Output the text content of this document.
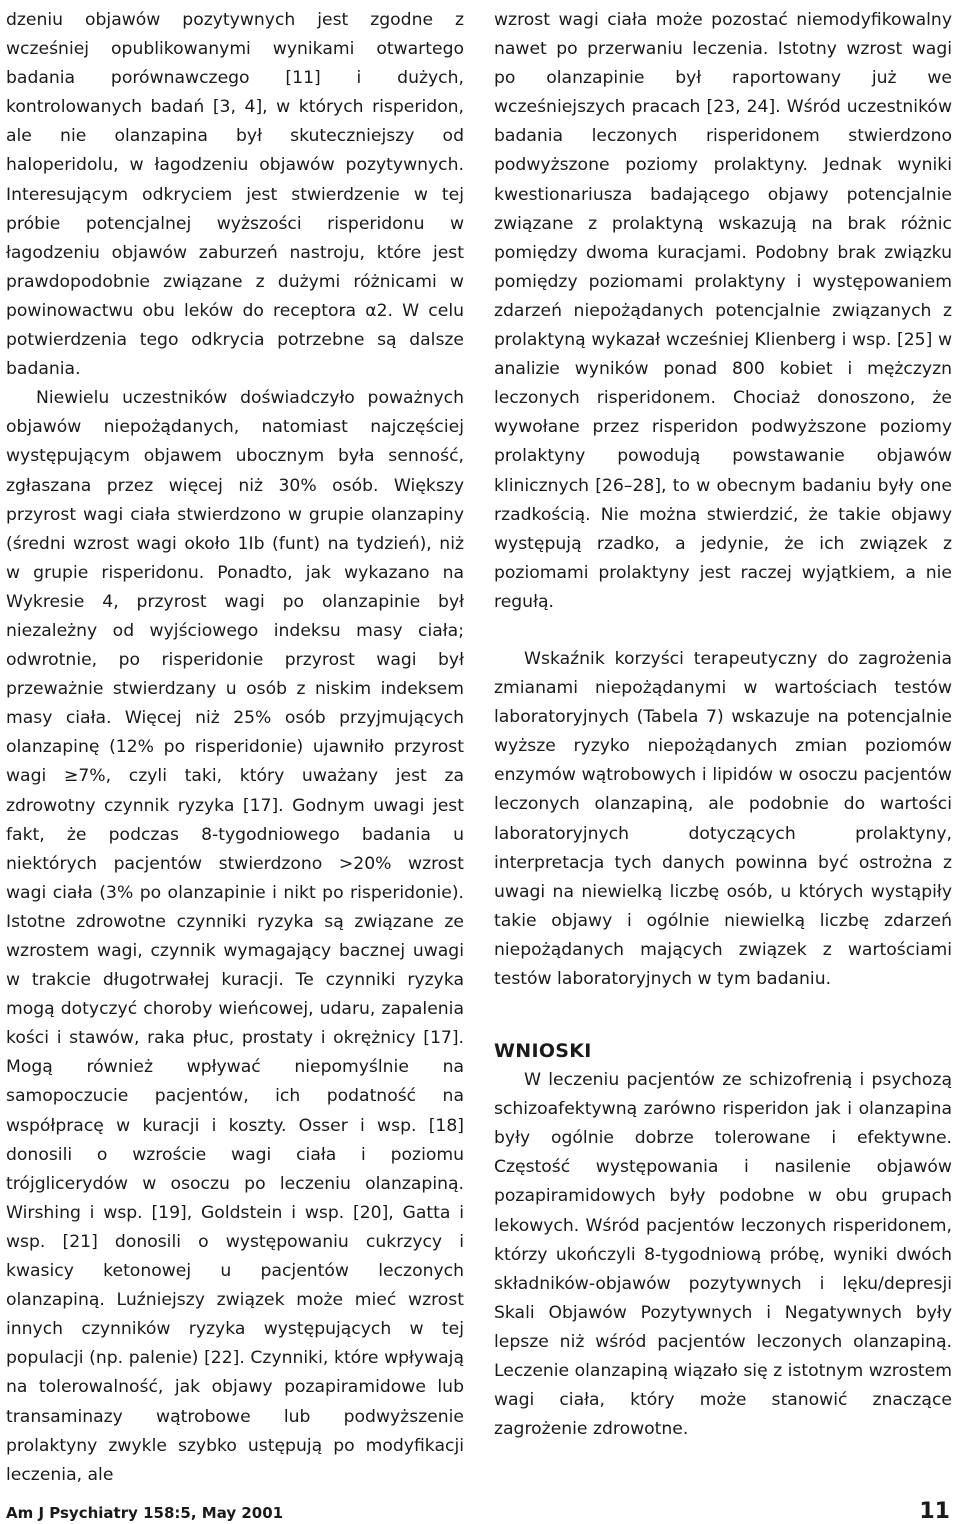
dzeniu objawów pozytywnych jest zgodne z wcześniej opublikowanymi wynikami otwartego badania porównawczego [11] i dużych, kontrolowanych badań [3, 4], w których risperidon, ale nie olanzapina był skuteczniejszy od haloperidolu, w łagodzeniu objawów pozytywnych. Interesującym odkryciem jest stwierdzenie w tej próbie potencjalnej wyższości risperidonu w łagodzeniu objawów zaburzeń nastroju, które jest prawdopodobnie związane z dużymi różnicami w powinowactwu obu leków do receptora α2. W celu potwierdzenia tego odkrycia potrzebne są dalsze badania.

Niewielu uczestników doświadczyło poważnych objawów niepożądanych, natomiast najczęściej występującym objawem ubocznym była senność, zgłaszana przez więcej niż 30% osób. Większy przyrost wagi ciała stwierdzono w grupie olanzapiny (średni wzrost wagi około 1Ib (funt) na tydzień), niż w grupie risperidonu. Ponadto, jak wykazano na Wykresie 4, przyrost wagi po olanzapinie był niezależny od wyjściowego indeksu masy ciała; odwrotnie, po risperidonie przyrost wagi był przeważnie stwierdzany u osób z niskim indeksem masy ciała. Więcej niż 25% osób przyjmujących olanzapinę (12% po risperidonie) ujawniło przyrost wagi ≥7%, czyli taki, który uważany jest za zdrowotny czynnik ryzyka [17]. Godnym uwagi jest fakt, że podczas 8-tygodniowego badania u niektórych pacjentów stwierdzono >20% wzrost wagi ciała (3% po olanzapinie i nikt po risperidonie). Istotne zdrowotne czynniki ryzyka są związane ze wzrostem wagi, czynnik wymagający bacznej uwagi w trakcie długotrwałej kuracji. Te czynniki ryzyka mogą dotyczyć choroby wieńcowej, udaru, zapalenia kości i stawów, raka płuc, prostaty i okrężnicy [17]. Mogą również wpływać niepomyślnie na samopoczucie pacjentów, ich podatność na współpracę w kuracji i koszty. Osser i wsp. [18] donosili o wzroście wagi ciała i poziomu trójglicerydów w osoczu po leczeniu olanzapiną. Wirshing i wsp. [19], Goldstein i wsp. [20], Gatta i wsp. [21] donosili o występowaniu cukrzycy i kwasicy ketonowej u pacjentów leczonych olanzapiną. Luźniejszy związek może mieć wzrost innych czynników ryzyka występujących w tej populacji (np. palenie) [22]. Czynniki, które wpływają na tolerowalność, jak objawy pozapiramidowe lub transaminazy wątrobowe lub podwyższenie prolaktyny zwykle szybko ustępują po modyfikacji leczenia, ale

wzrost wagi ciała może pozostać niemodyfikowalny nawet po przerwaniu leczenia. Istotny wzrost wagi po olanzapinie był raportowany już we wcześniejszych pracach [23, 24]. Wśród uczestników badania leczonych risperidonem stwierdzono podwyższone poziomy prolaktyny. Jednak wyniki kwestionariusza badającego objawy potencjalnie związane z prolaktyną wskazują na brak różnic pomiędzy dwoma kuracjami. Podobny brak związku pomiędzy poziomami prolaktyny i występowaniem zdarzeń niepożądanych potencjalnie związanych z prolaktyną wykazał wcześniej Klienberg i wsp. [25] w analizie wyników ponad 800 kobiet i mężczyzn leczonych risperidonem. Chociaż donoszono, że wywołane przez risperidon podwyższone poziomy prolaktyny powodują powstawanie objawów klinicznych [26–28], to w obecnym badaniu były one rzadkością. Nie można stwierdzić, że takie objawy występują rzadko, a jedynie, że ich związek z poziomami prolaktyny jest raczej wyjątkiem, a nie regułą.

Wskaźnik korzyści terapeutyczny do zagrożenia zmianami niepożądanymi w wartościach testów laboratoryjnych (Tabela 7) wskazuje na potencjalnie wyższe ryzyko niepożądanych zmian poziomów enzymów wątrobowych i lipidów w osoczu pacjentów leczonych olanzapiną, ale podobnie do wartości laboratoryjnych dotyczących prolaktyny, interpretacja tych danych powinna być ostrożna z uwagi na niewielką liczbę osób, u których wystąpiły takie objawy i ogólnie niewielką liczbę zdarzeń niepożądanych mających związek z wartościami testów laboratoryjnych w tym badaniu.

WNIOSKI

W leczeniu pacjentów ze schizofrenią i psychozą schizoafektywną zarówno risperidon jak i olanzapina były ogólnie dobrze tolerowane i efektywne. Częstość występowania i nasilenie objawów pozapiramidowych były podobne w obu grupach lekowych. Wśród pacjentów leczonych risperidonem, którzy ukończyli 8-tygodniową próbę, wyniki dwóch składników-objawów pozytywnych i lęku/depresji Skali Objawów Pozytywnych i Negatywnych były lepsze niż wśród pacjentów leczonych olanzapiną. Leczenie olanzapiną wiązało się z istotnym wzrostem wagi ciała, który może stanowić znaczące zagrożenie zdrowotne.

Am J Psychiatry 158:5, May 2001	11
